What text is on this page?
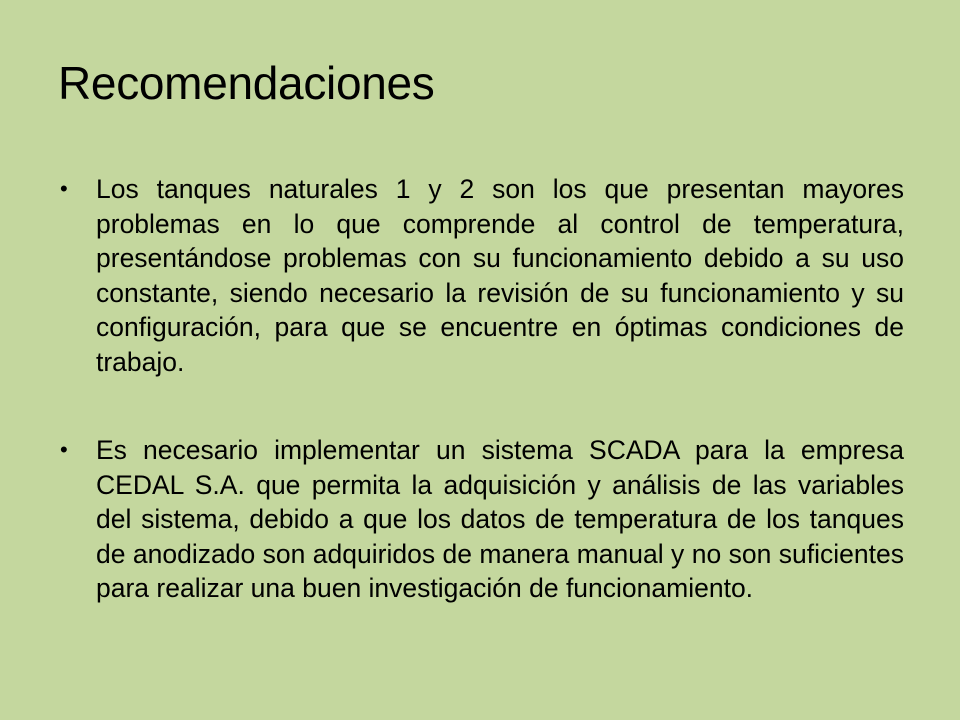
Recomendaciones
• Los tanques naturales 1 y 2 son los que presentan mayores problemas en lo que comprende al control de temperatura, presentándose problemas con su funcionamiento debido a su uso constante, siendo necesario la revisión de su funcionamiento y su configuración, para que se encuentre en óptimas condiciones de trabajo.
• Es necesario implementar un sistema SCADA para la empresa CEDAL S.A. que permita la adquisición y análisis de las variables del sistema, debido a que los datos de temperatura de los tanques de anodizado son adquiridos de manera manual y no son suficientes para realizar una buen investigación de funcionamiento.
